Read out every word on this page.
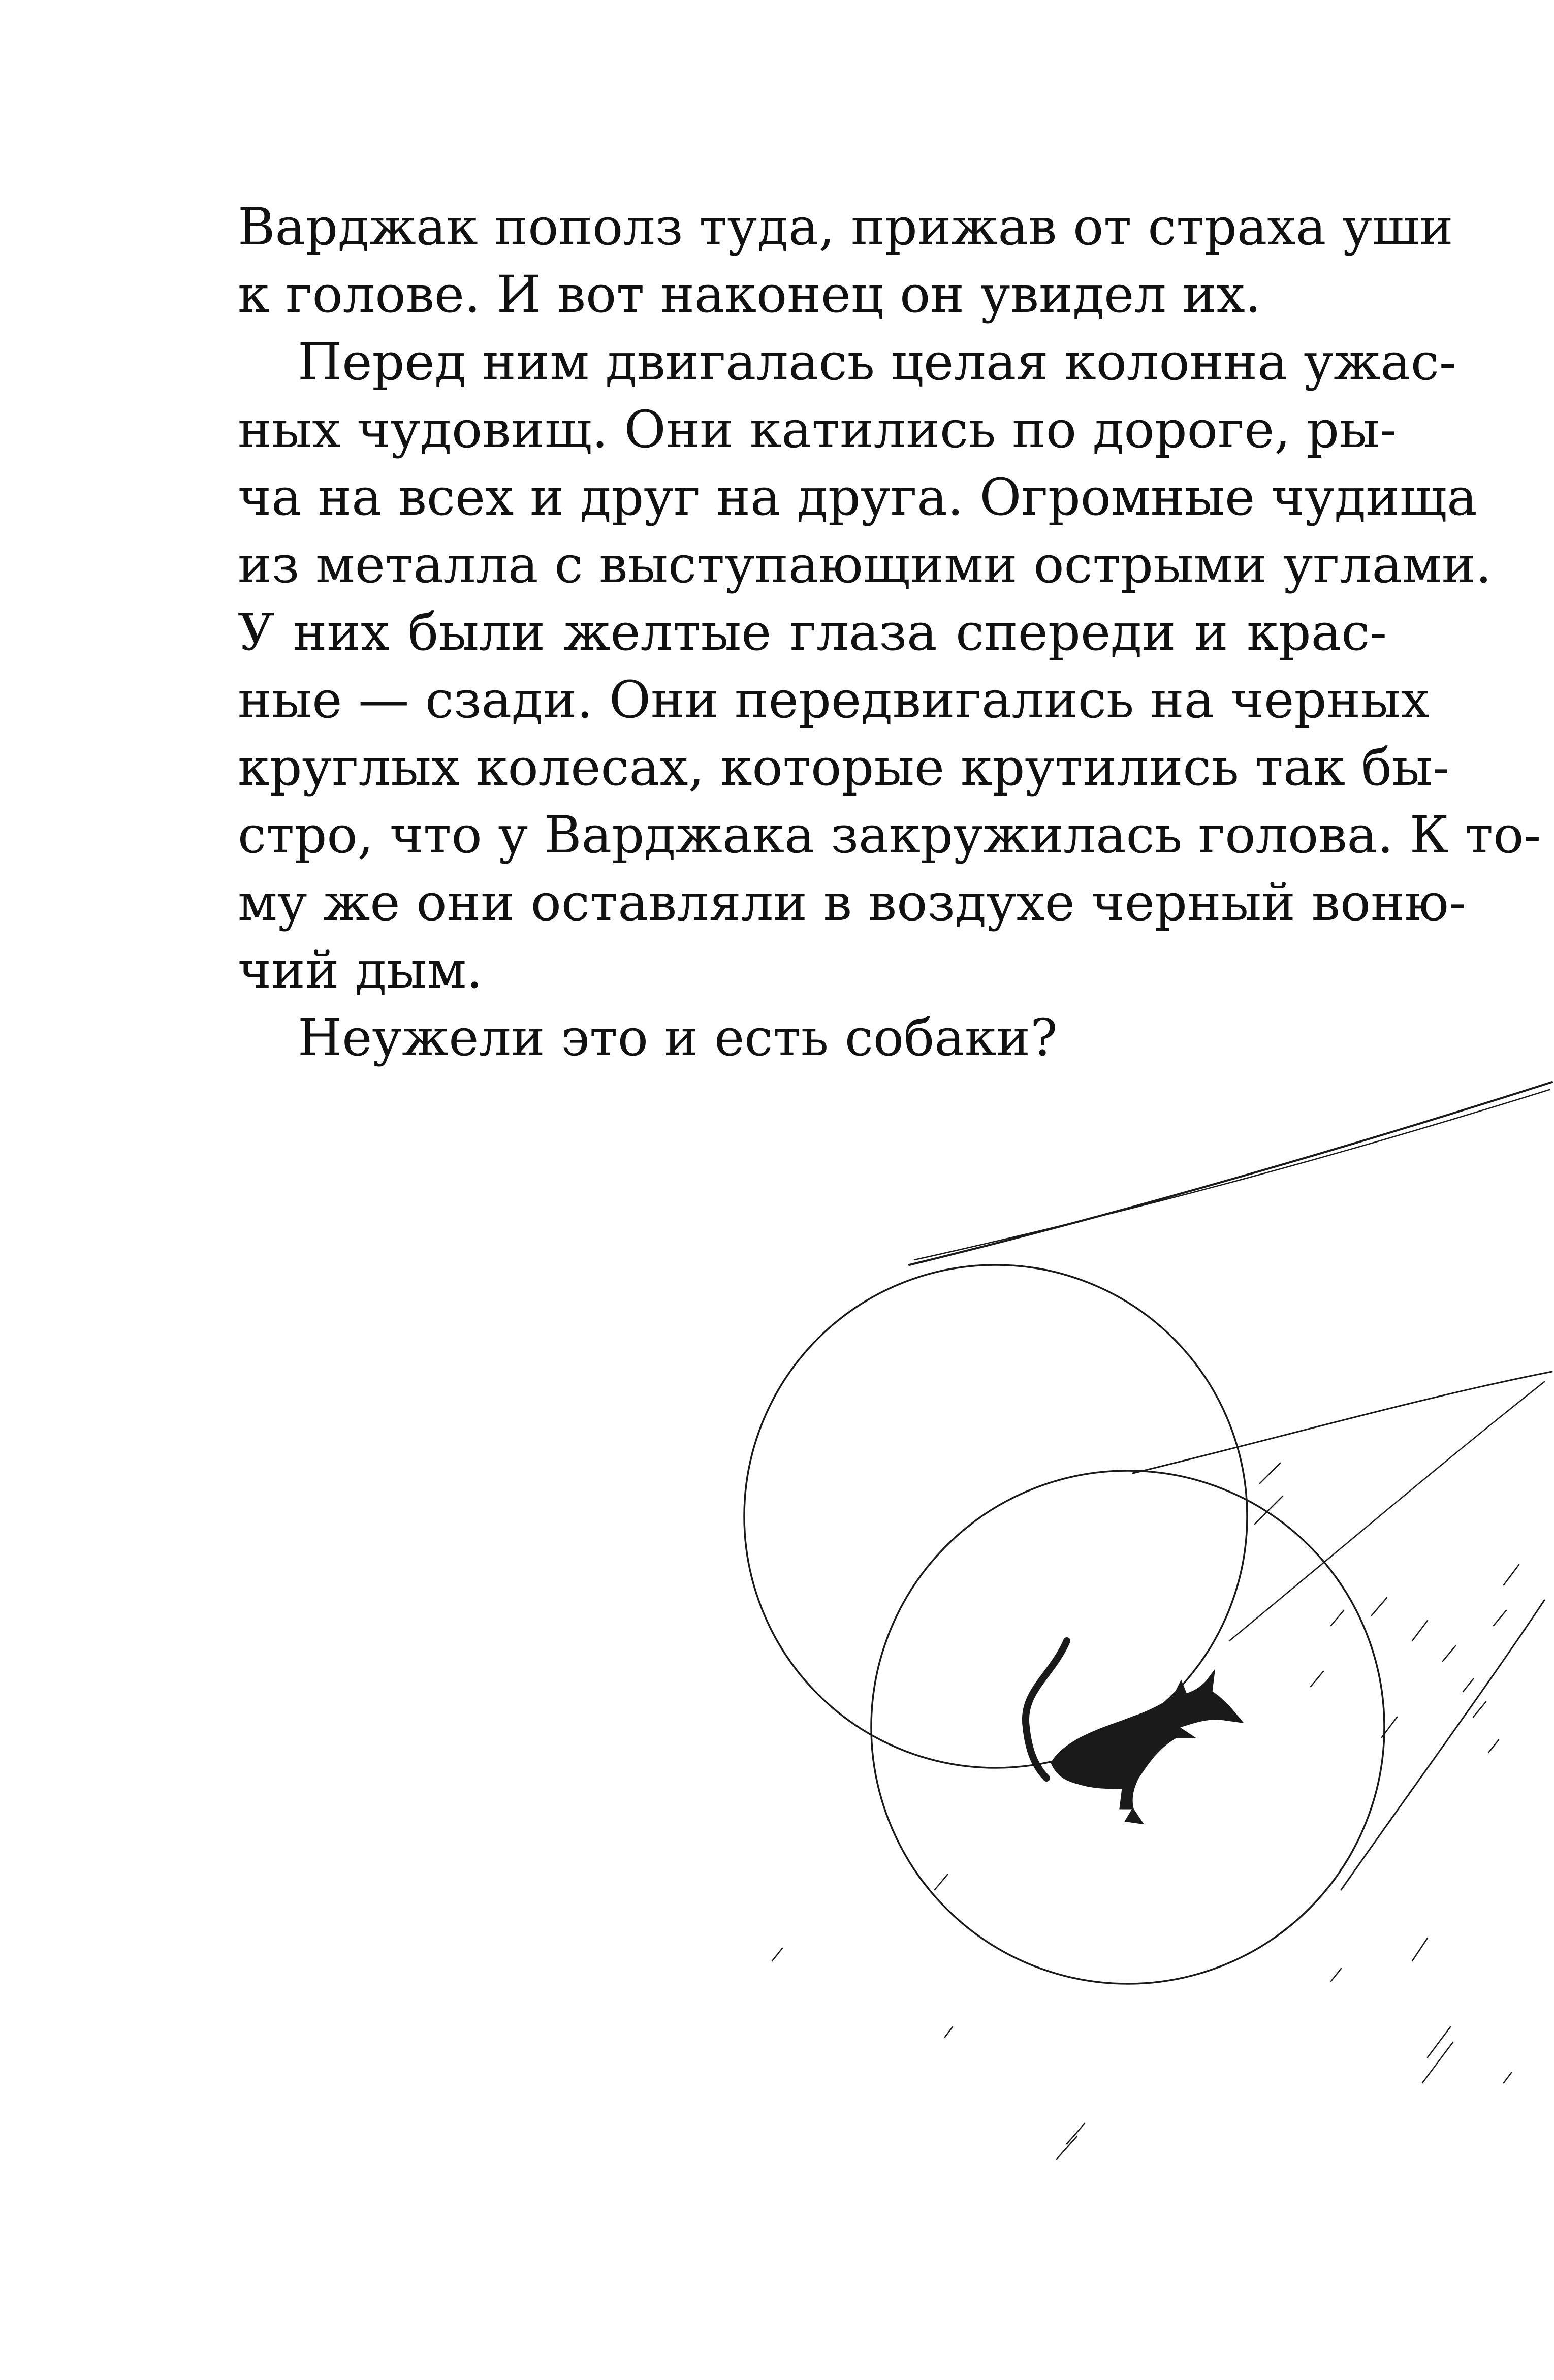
Варджак пополз туда, прижав от страха уши
к голове. И вот наконец он увидел их.
Перед ним двигалась целая колонна ужас-
ных чудовищ. Они катились по дороге, ры-
ча на всех и друг на друга. Огромные чудища
из металла с выступающими острыми углами.
У них были желтые глаза спереди и крас-
ные — сзади. Они передвигались на черных
круглых колесах, которые крутились так бы-
стро, что у Варджака закружилась голова. К то-
му же они оставляли в воздухе черный воню-
чий дым.
Неужели это и есть собаки?
